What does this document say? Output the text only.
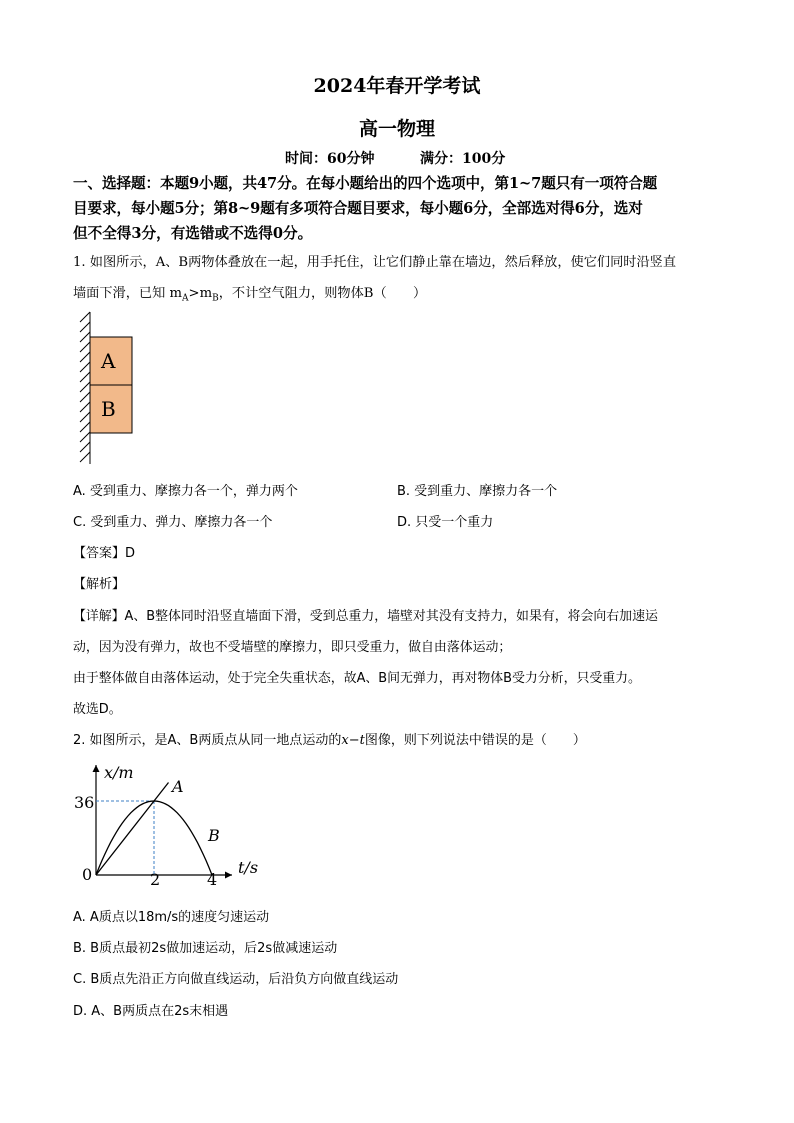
2024年春开学考试
高一物理
时间：60分钟	满分：100分
一、选择题：本题9小题，共47分。在每小题给出的四个选项中，第1~7题只有一项符合题
目要求，每小题5分；第8~9题有多项符合题目要求，每小题6分，全部选对得6分，选对
但不全得3分，有选错或不选得0分。
1. 如图所示，A、B两物体叠放在一起，用手托住，让它们静止靠在墙边，然后释放，使它们同时沿竖直
墙面下滑，已知 $m_A>m_B$，不计空气阻力，则物体B（　　）
A
B
A. 受到重力、摩擦力各一个，弹力两个	B. 受到重力、摩擦力各一个
C. 受到重力、弹力、摩擦力各一个	D. 只受一个重力
【答案】D
【解析】
【详解】A、B整体同时沿竖直墙面下滑，受到总重力，墙壁对其没有支持力，如果有，将会向右加速运
动，因为没有弹力，故也不受墙壁的摩擦力，即只受重力，做自由落体运动；
由于整体做自由落体运动，处于完全失重状态，故A、B间无弹力，再对物体B受力分析，只受重力。
故选D。
2. 如图所示，是A、B两质点从同一地点运动的x−t图像，则下列说法中错误的是（　　）
x/m
t/s
0
36
2	4
A
B
A. A质点以18m/s的速度匀速运动
B. B质点最初2s做加速运动，后2s做减速运动
C. B质点先沿正方向做直线运动，后沿负方向做直线运动
D. A、B两质点在2s末相遇
